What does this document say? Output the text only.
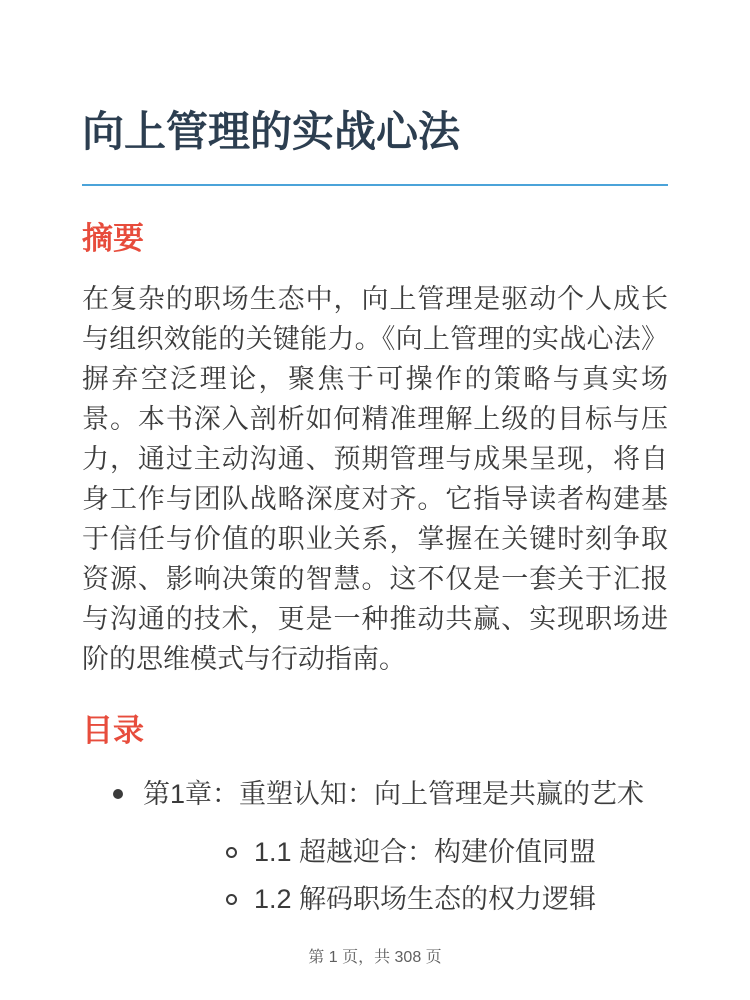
向上管理的实战心法
摘要

在复杂的职场生态中，向上管理是驱动个人成长与组织效能的关键能力。《向上管理的实战心法》摒弃空泛理论，聚焦于可操作的策略与真实场景。本书深入剖析如何精准理解上级的目标与压力，通过主动沟通、预期管理与成果呈现，将自身工作与团队战略深度对齐。它指导读者构建基于信任与价值的职业关系，掌握在关键时刻争取资源、影响决策的智慧。这不仅是一套关于汇报与沟通的技术，更是一种推动共赢、实现职场进阶的思维模式与行动指南。

目录
第1章：重塑认知：向上管理是共赢的艺术
1.1 超越迎合：构建价值同盟
1.2 解码职场生态的权力逻辑
第 1 页，共 308 页
